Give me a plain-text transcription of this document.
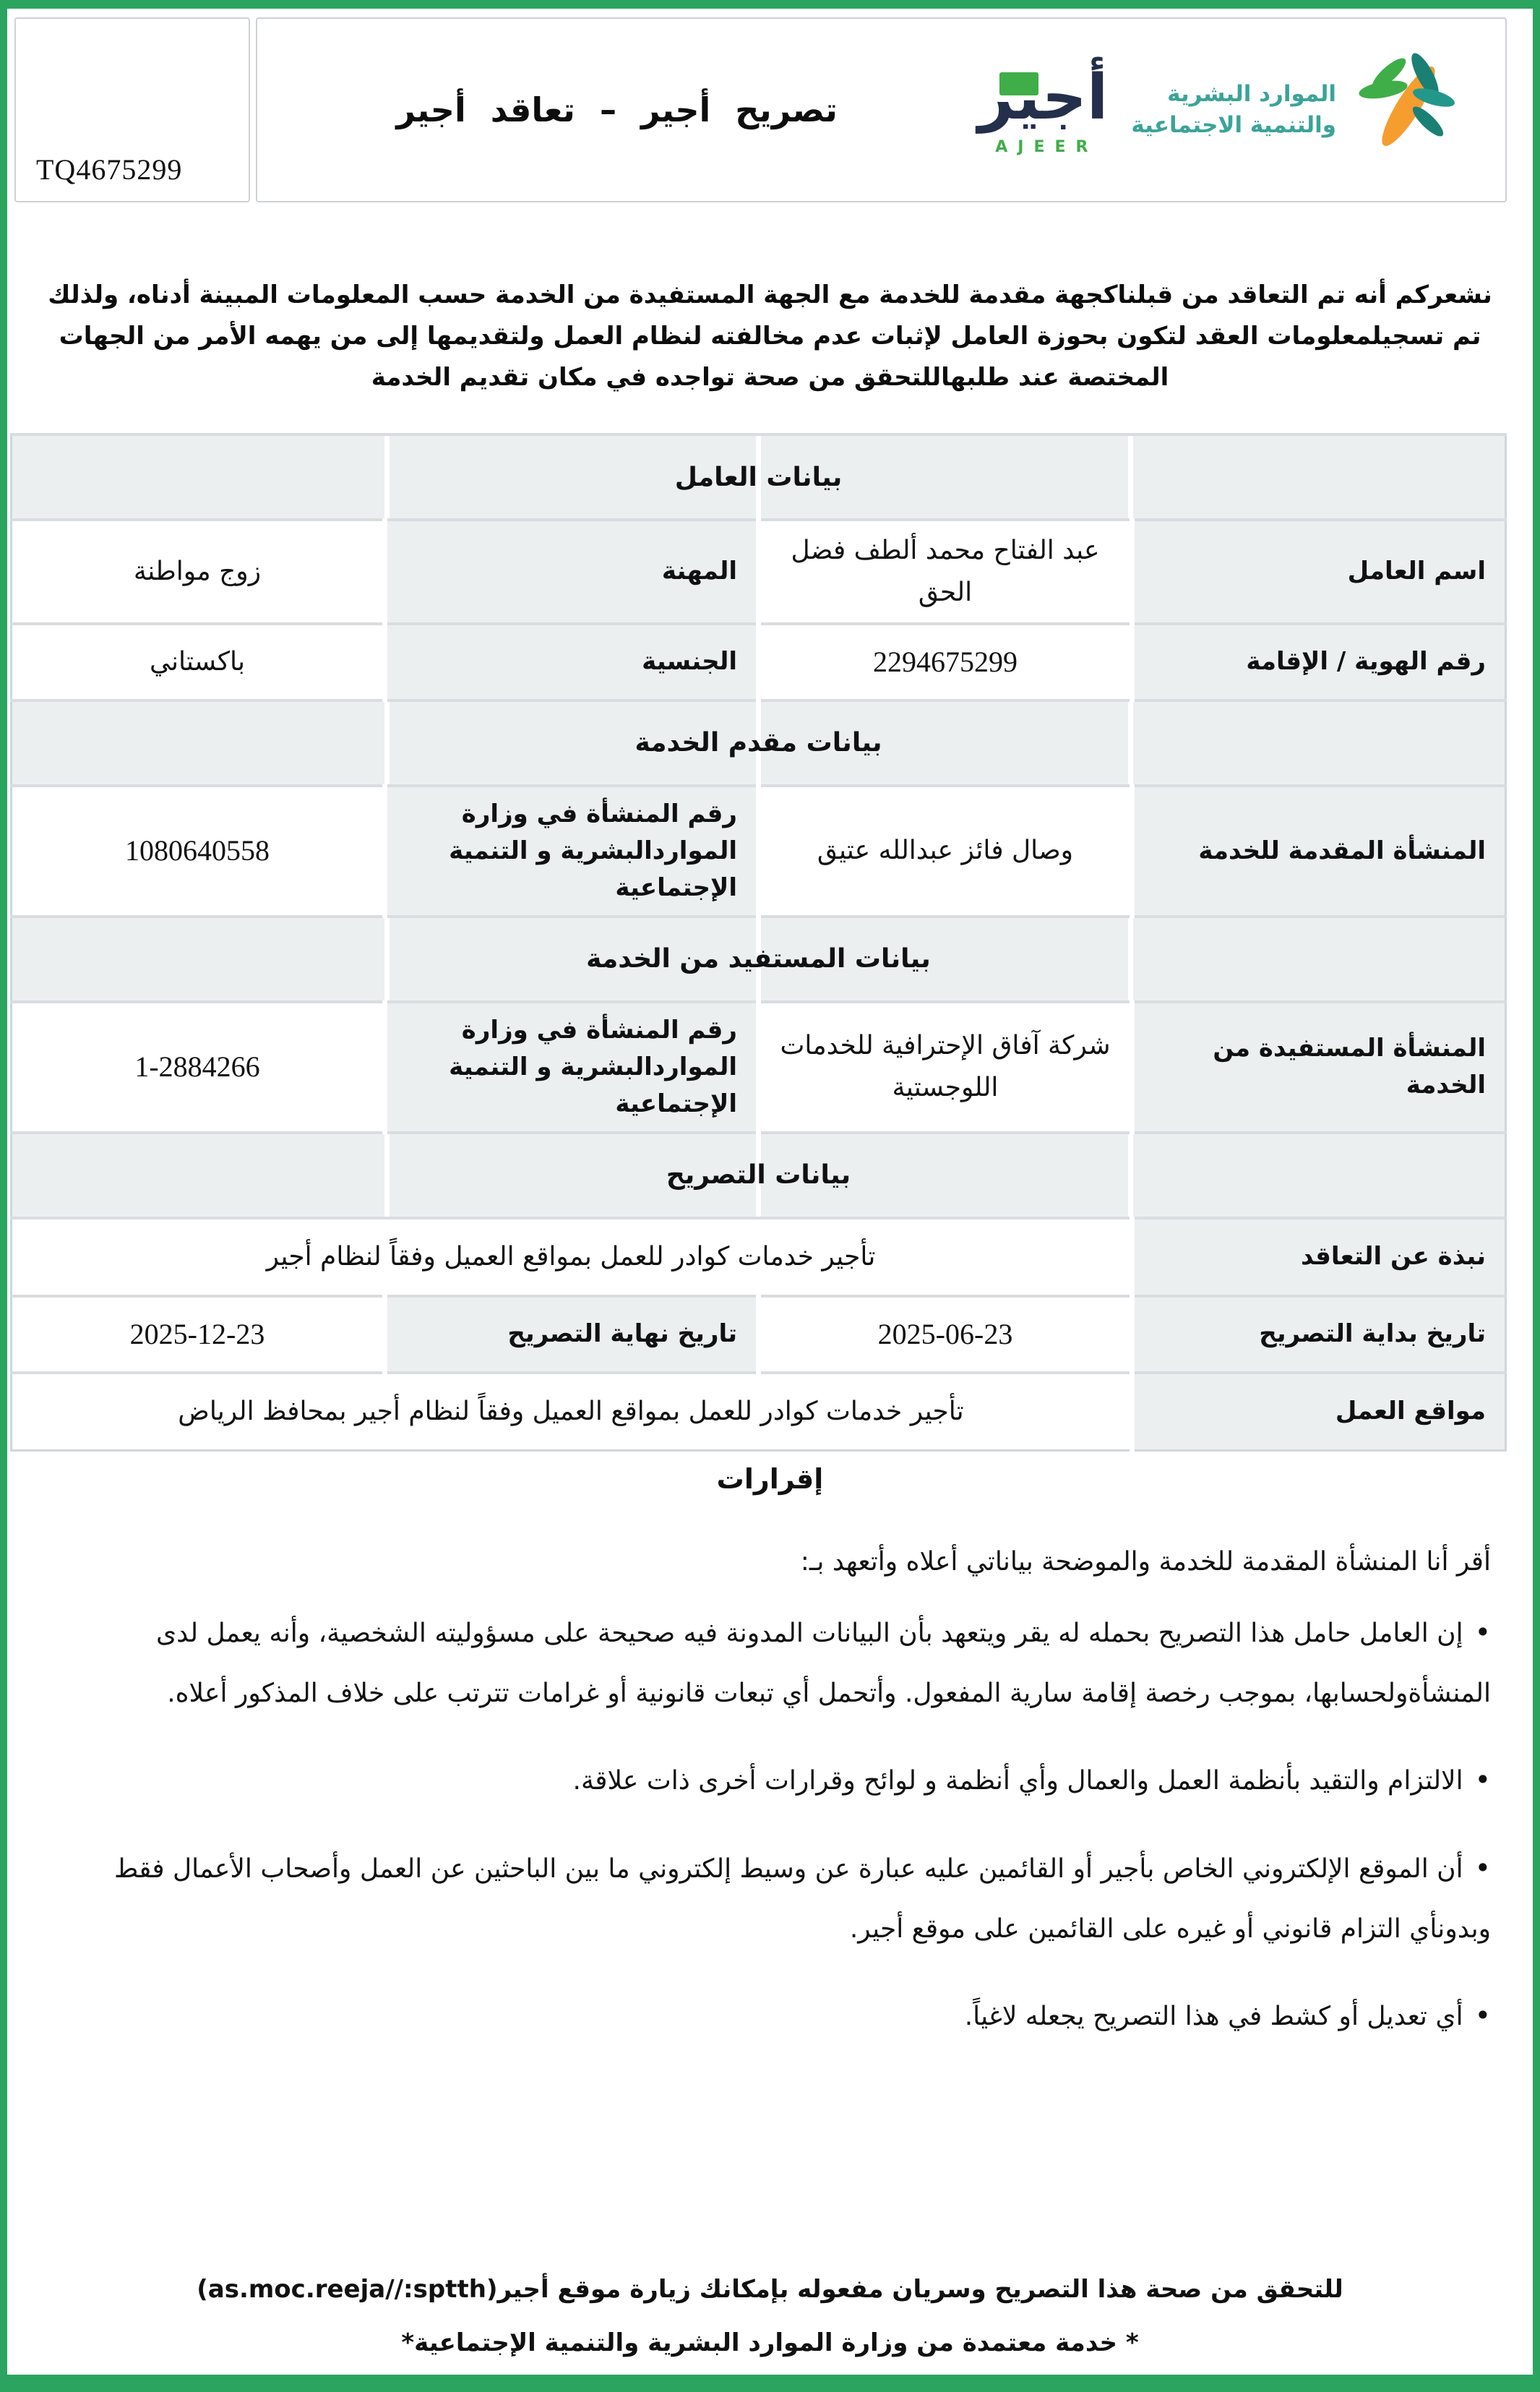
الموارد البشرية
والتنمية الاجتماعية
أجير
AJEER
تصريح أجير – تعاقد أجير
TQ4675299

نشعركم أنه تم التعاقد من قبلناكجهة مقدمة للخدمة مع الجهة المستفيدة من الخدمة حسب المعلومات المبينة أدناه، ولذلك تم تسجيلمعلومات العقد لتكون بحوزة العامل لإثبات عدم مخالفته لنظام العمل ولتقديمها إلى من يهمه الأمر من الجهات المختصة عند طلبهاللتحقق من صحة تواجده في مكان تقديم الخدمة

بيانات العامل			
اسم العامل	عبد الفتاح محمد ألطف فضل الحق	المهنة	زوج مواطنة
رقم الهوية / الإقامة	2294675299	الجنسية	باكستاني
بيانات مقدم الخدمة			
المنشأة المقدمة للخدمة	وصال فائز عبدالله عتيق	رقم المنشأة في وزارة المواردالبشرية و التنمية الإجتماعية	1080640558
بيانات المستفيد من الخدمة			
المنشأة المستفيدة من الخدمة	شركة آفاق الإحترافية للخدمات اللوجستية	رقم المنشأة في وزارة المواردالبشرية و التنمية الإجتماعية	1-2884266
بيانات التصريح			
نبذة عن التعاقد	تأجير خدمات كوادر للعمل بمواقع العميل وفقاً لنظام أجير		
تاريخ بداية التصريح	2025-06-23	تاريخ نهاية التصريح	2025-12-23
مواقع العمل	تأجير خدمات كوادر للعمل بمواقع العميل وفقاً لنظام أجير بمحافظ الرياض		
إقرارات
أقر أنا المنشأة المقدمة للخدمة والموضحة بياناتي أعلاه وأتعهد بـ:
• إن العامل حامل هذا التصريح بحمله له يقر ويتعهد بأن البيانات المدونة فيه صحيحة على مسؤوليته الشخصية، وأنه يعمل لدى المنشأةولحسابها، بموجب رخصة إقامة سارية المفعول. وأتحمل أي تبعات قانونية أو غرامات تترتب على خلاف المذكور أعلاه.
• الالتزام والتقيد بأنظمة العمل والعمال وأي أنظمة و لوائح وقرارات أخرى ذات علاقة.
• أن الموقع الإلكتروني الخاص بأجير أو القائمين عليه عبارة عن وسيط إلكتروني ما بين الباحثين عن العمل وأصحاب الأعمال فقط وبدونأي التزام قانوني أو غيره على القائمين على موقع أجير.
• أي تعديل أو كشط في هذا التصريح يجعله لاغياً.
للتحقق من صحة هذا التصريح وسريان مفعوله بإمكانك زيارة موقع أجير(as.moc.reeja//:sptth)
* خدمة معتمدة من وزارة الموارد البشرية والتنمية الإجتماعية*
